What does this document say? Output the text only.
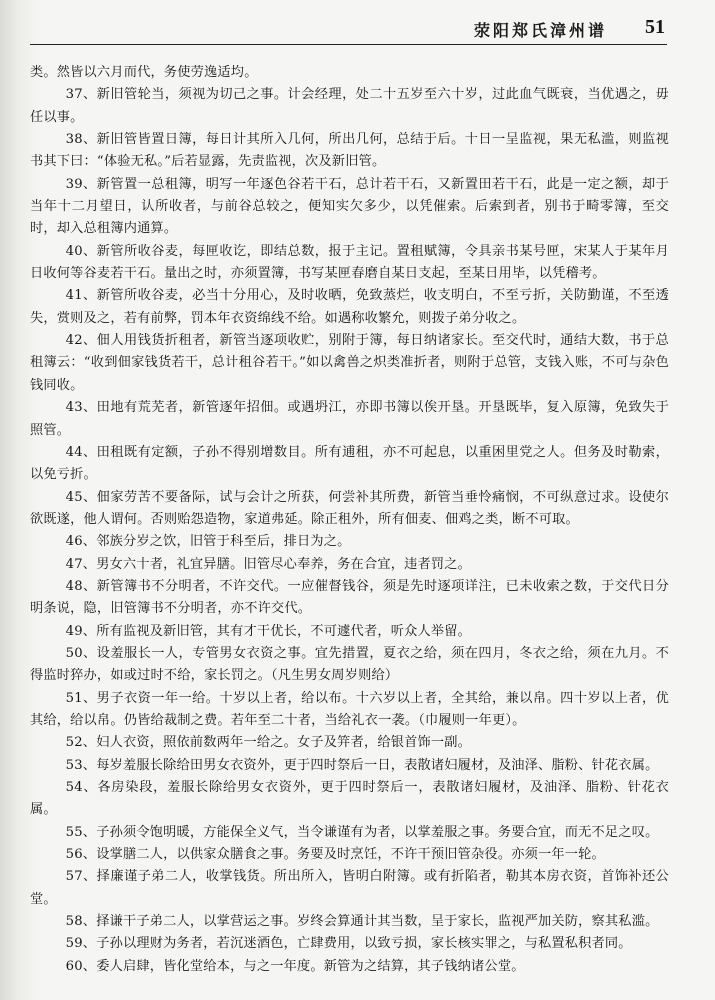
荥阳郑氏漳州谱 51

类。然皆以六月而代，务使劳逸适均。

37、新旧管轮当，须视为切己之事。计会经理，处二十五岁至六十岁，过此血气既衰，当优遇之，毋任以事。

38、新旧管皆置日簿，每日计其所入几何，所出几何，总结于后。十日一呈监视，果无私滥，则监视书其下曰：“体验无私。”后若显露，先责监视，次及新旧管。

39、新管置一总租簿，明写一年逐色谷若干石，总计若干石，又新置田若干石，此是一定之额，却于当年十二月望日，认所收者，与前谷总较之，便知实欠多少，以凭催索。后索到者，别书于畸零簿，至交时，却入总租簿内通算。

40、新管所收谷麦，每匣收讫，即结总数，报于主记。置租赋簿，令具亲书某号匣，宋某人于某年月日收何等谷麦若干石。量出之时，亦须置簿，书写某匣春磨自某日支起，至某日用毕，以凭稽考。

41、新管所收谷麦，必当十分用心，及时收晒，免致蒸烂，收支明白，不至亏折，关防勤谨，不至透失，赏则及之，若有前弊，罚本年衣资绵线不给。如遇称收繁允，则拨子弟分收之。

42、佃人用钱货折租者，新管当逐项收贮，别附于簿，每日纳诸家长。至交代时，通结大数，书于总租簿云：“收到佃家钱货若干，总计租谷若干。”如以禽兽之炽类准折者，则附于总管，支钱入账，不可与杂色钱同收。

43、田地有荒芜者，新管逐年招佃。或遇坍江，亦即书簿以俟开垦。开垦既毕，复入原簿，免致失于照管。

44、田租既有定额，子孙不得别增数目。所有逋租，亦不可起息，以重困里党之人。但务及时勒索，以免亏折。

45、佃家劳苦不要备际，试与会计之所获，何尝补其所费，新管当垂怜痛悯，不可纵意过求。设使尔欲既遂，他人谓何。否则贻怨造物，家道弗延。除正租外，所有佃麦、佃鸡之类，断不可取。

46、邻族分岁之饮，旧管于科至后，排日为之。

47、男女六十者，礼宜异膳。旧管尽心奉养，务在合宜，违者罚之。

48、新管簿书不分明者，不许交代。一应催督钱谷，须是先时逐项详注，已未收索之数，于交代日分明条说，隐，旧管簿书不分明者，亦不许交代。

49、所有监视及新旧管，其有才干优长，不可遽代者，听众人举留。

50、设羞服长一人，专管男女衣资之事。宜先措置，夏衣之给，须在四月，冬衣之给，须在九月。不得监时猝办，如或过时不给，家长罚之。（凡生男女周岁则给）

51、男子衣资一年一给。十岁以上者，给以布。十六岁以上者，全其给，兼以帛。四十岁以上者，优其给，给以帛。仍皆给裁制之费。若年至二十者，当给礼衣一袭。（巾履则一年更）。

52、妇人衣资，照依前数两年一给之。女子及笄者，给银首饰一副。

53、每岁羞服长除给田男女衣资外，更于四时祭后一日，表散诸妇履材，及油泽、脂粉、针花衣属。

54、各房染段，羞服长除给男女衣资外，更于四时祭后一，表散诸妇履材，及油泽、脂粉、针花衣属。

55、子孙须令饱明暖，方能保全义气，当令谦谨有为者，以掌羞服之事。务要合宜，而无不足之叹。

56、设掌膳二人，以供家众膳食之事。务要及时烹饪，不许干预旧管杂役。亦须一年一轮。

57、择廉谨子弟二人，收掌钱货。所出所入，皆明白附簿。或有折陷者，勒其本房衣资，首饰补还公堂。

58、择谦干子弟二人，以掌营运之事。岁终会算通计其当数，呈于家长，监视严加关防，察其私滥。

59、子孙以理财为务者，若沉迷酒色，亡肆费用，以致亏损，家长核实罪之，与私置私积者同。

60、委人启肆，皆化堂给本，与之一年度。新管为之结算，其子钱纳诸公堂。
